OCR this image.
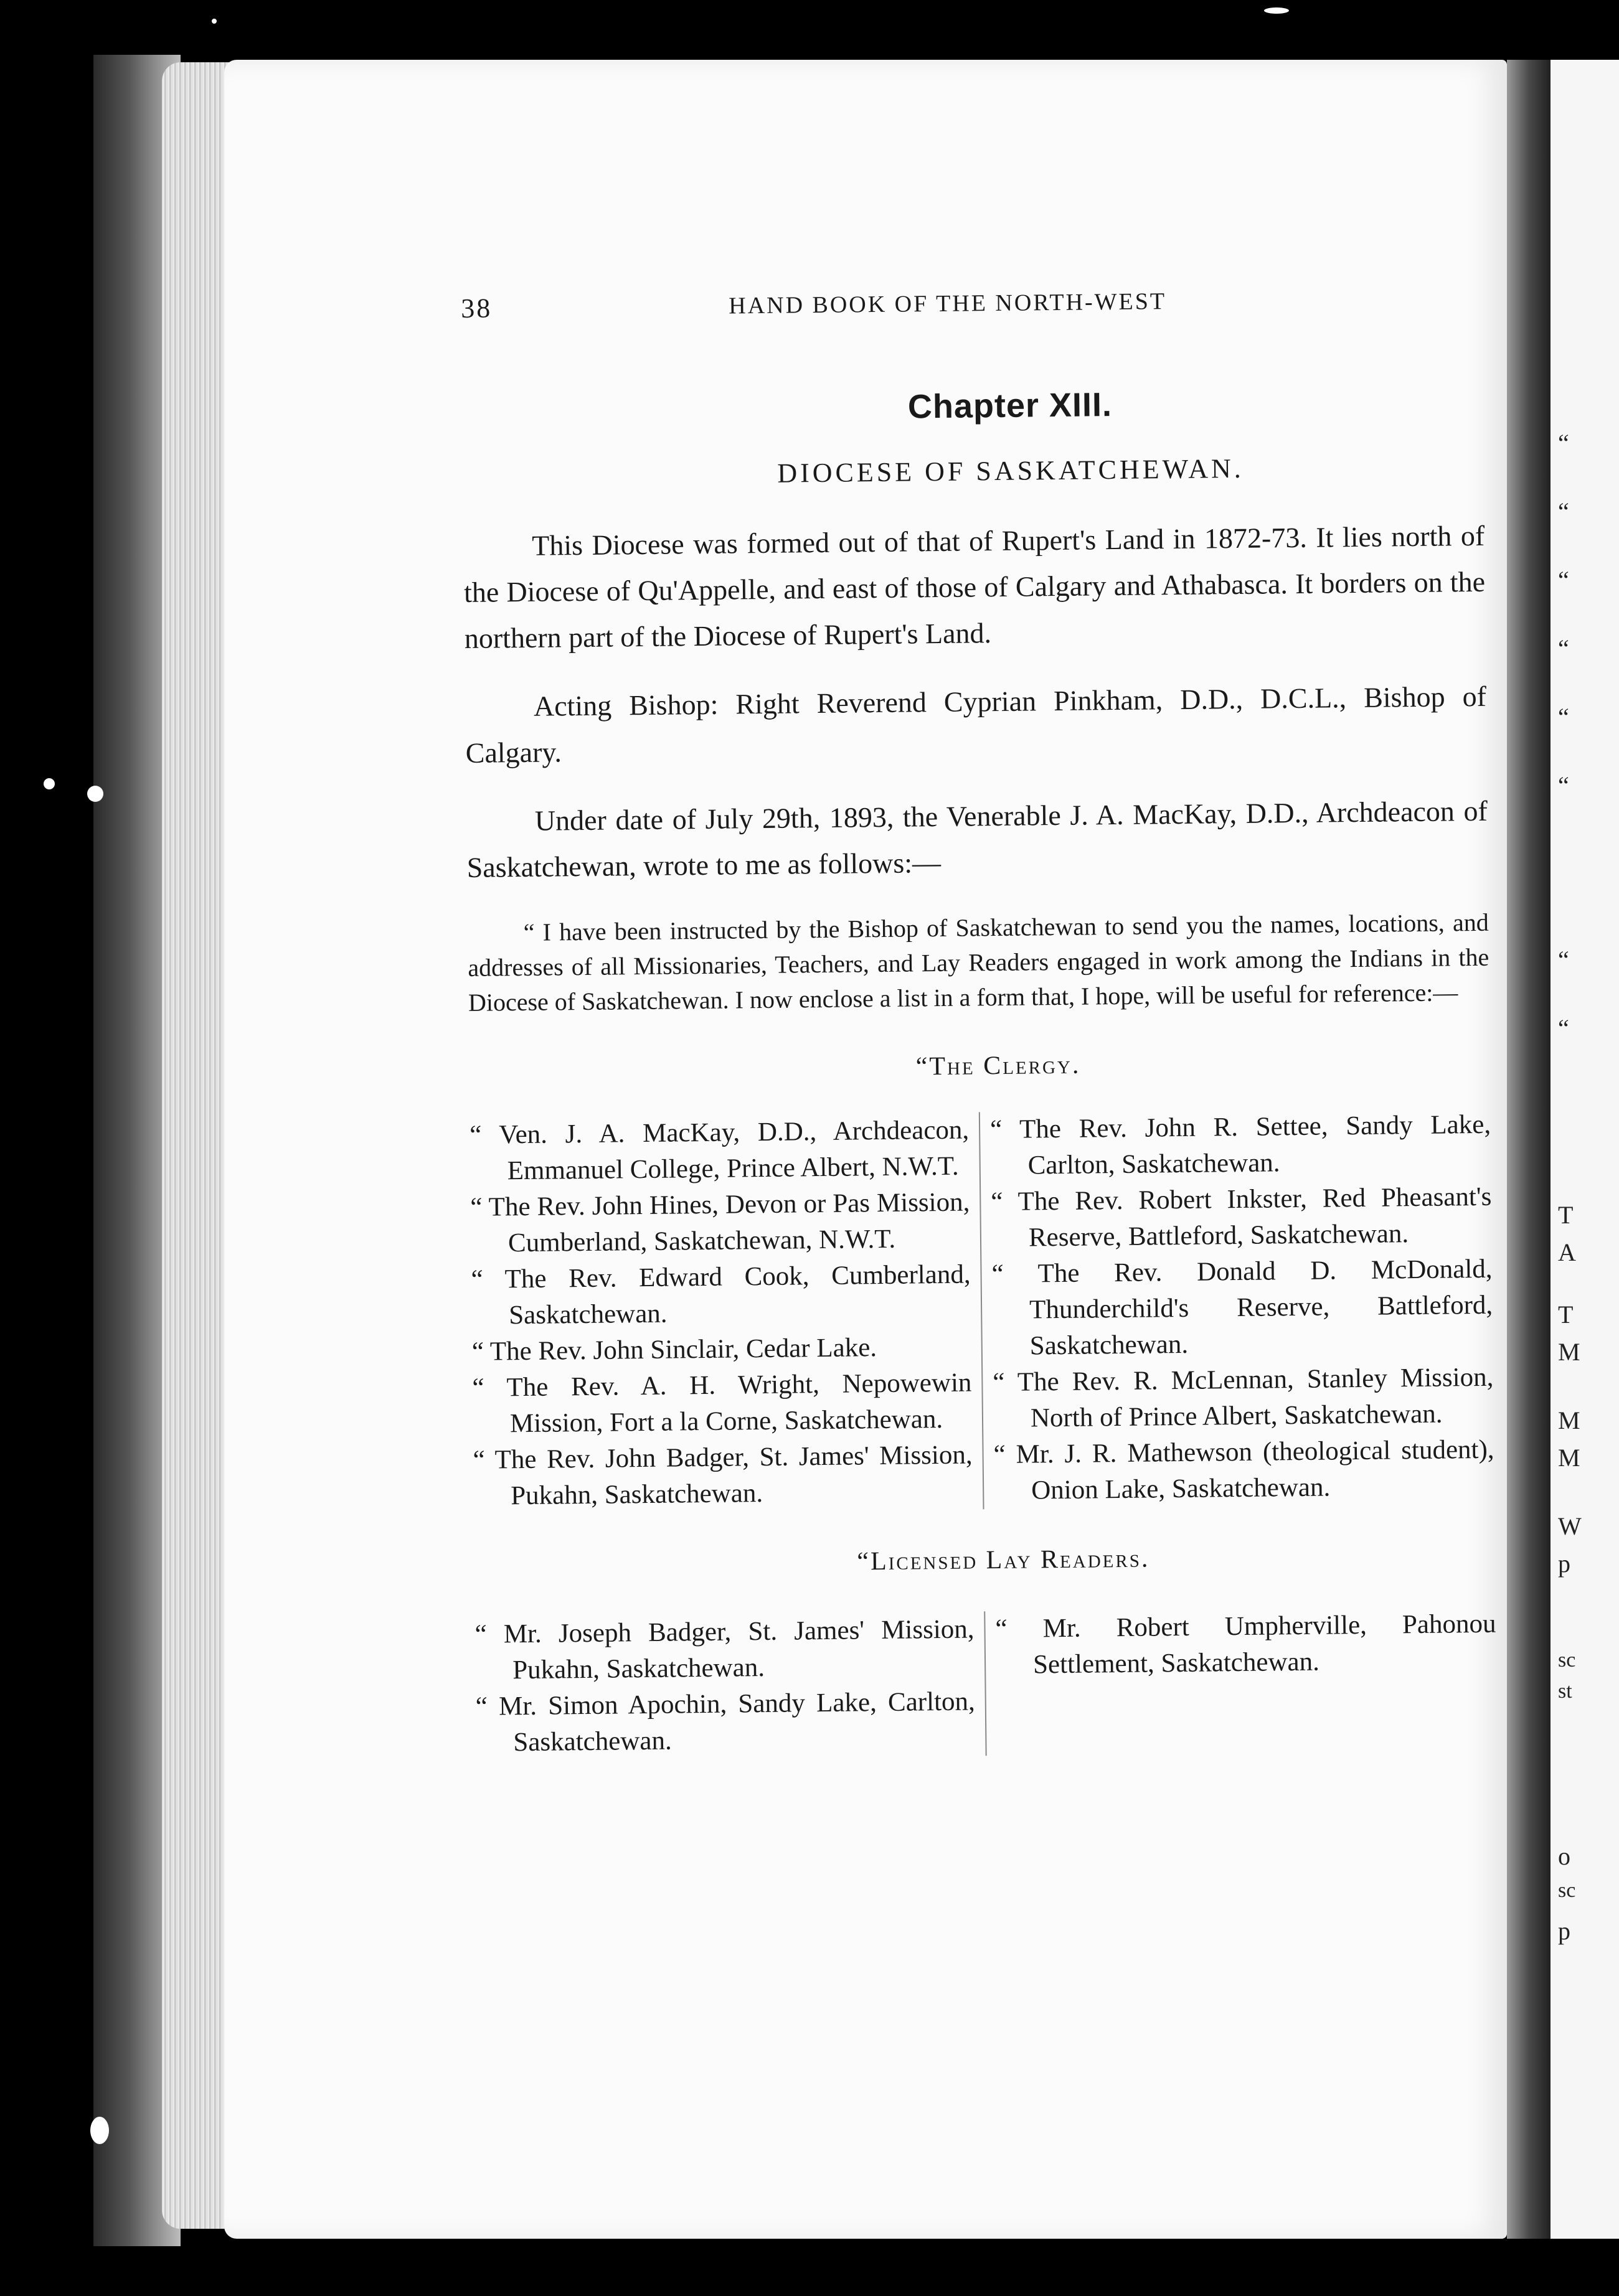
“
“
“
“
“
“
“
“
T
A
T
M
M
M
W
p
sc
st
o
sc
p
38	HAND BOOK OF THE NORTH-WEST
Chapter XIII.
DIOCESE OF SASKATCHEWAN.

This Diocese was formed out of that of Rupert's Land in 1872-73. It lies north of the Diocese of Qu'Appelle, and east of those of Calgary and Athabasca. It borders on the northern part of the Diocese of Rupert's Land.

Acting Bishop: Right Reverend Cyprian Pinkham, D.D., D.C.L., Bishop of Calgary.

Under date of July 29th, 1893, the Venerable J. A. MacKay, D.D., Archdeacon of Saskatchewan, wrote to me as follows:—

“ I have been instructed by the Bishop of Saskatchewan to send you the names, locations, and addresses of all Missionaries, Teachers, and Lay Readers engaged in work among the Indians in the Diocese of Saskatchewan. I now enclose a list in a form that, I hope, will be useful for reference:—

“The Clergy.

“ Ven. J. A. MacKay, D.D., Archdeacon, Emmanuel College, Prince Albert, N.W.T.

“ The Rev. John Hines, Devon or Pas Mission, Cumberland, Saskatchewan, N.W.T.

“ The Rev. Edward Cook, Cumberland, Saskatchewan.

“ The Rev. John Sinclair, Cedar Lake.

“ The Rev. A. H. Wright, Nepowewin Mission, Fort a la Corne, Saskatchewan.

“ The Rev. John Badger, St. James' Mission, Pukahn, Saskatchewan.

“ The Rev. John R. Settee, Sandy Lake, Carlton, Saskatchewan.

“ The Rev. Robert Inkster, Red Pheasant's Reserve, Battleford, Saskatchewan.

“ The Rev. Donald D. McDonald, Thunderchild's Reserve, Battleford, Saskatchewan.

“ The Rev. R. McLennan, Stanley Mission, North of Prince Albert, Saskatchewan.

“ Mr. J. R. Mathewson (theological student), Onion Lake, Saskatchewan.

“Licensed Lay Readers.

“ Mr. Joseph Badger, St. James' Mission, Pukahn, Saskatchewan.

“ Mr. Simon Apochin, Sandy Lake, Carlton, Saskatchewan.

“ Mr. Robert Umpherville, Pahonou Settlement, Saskatchewan.
